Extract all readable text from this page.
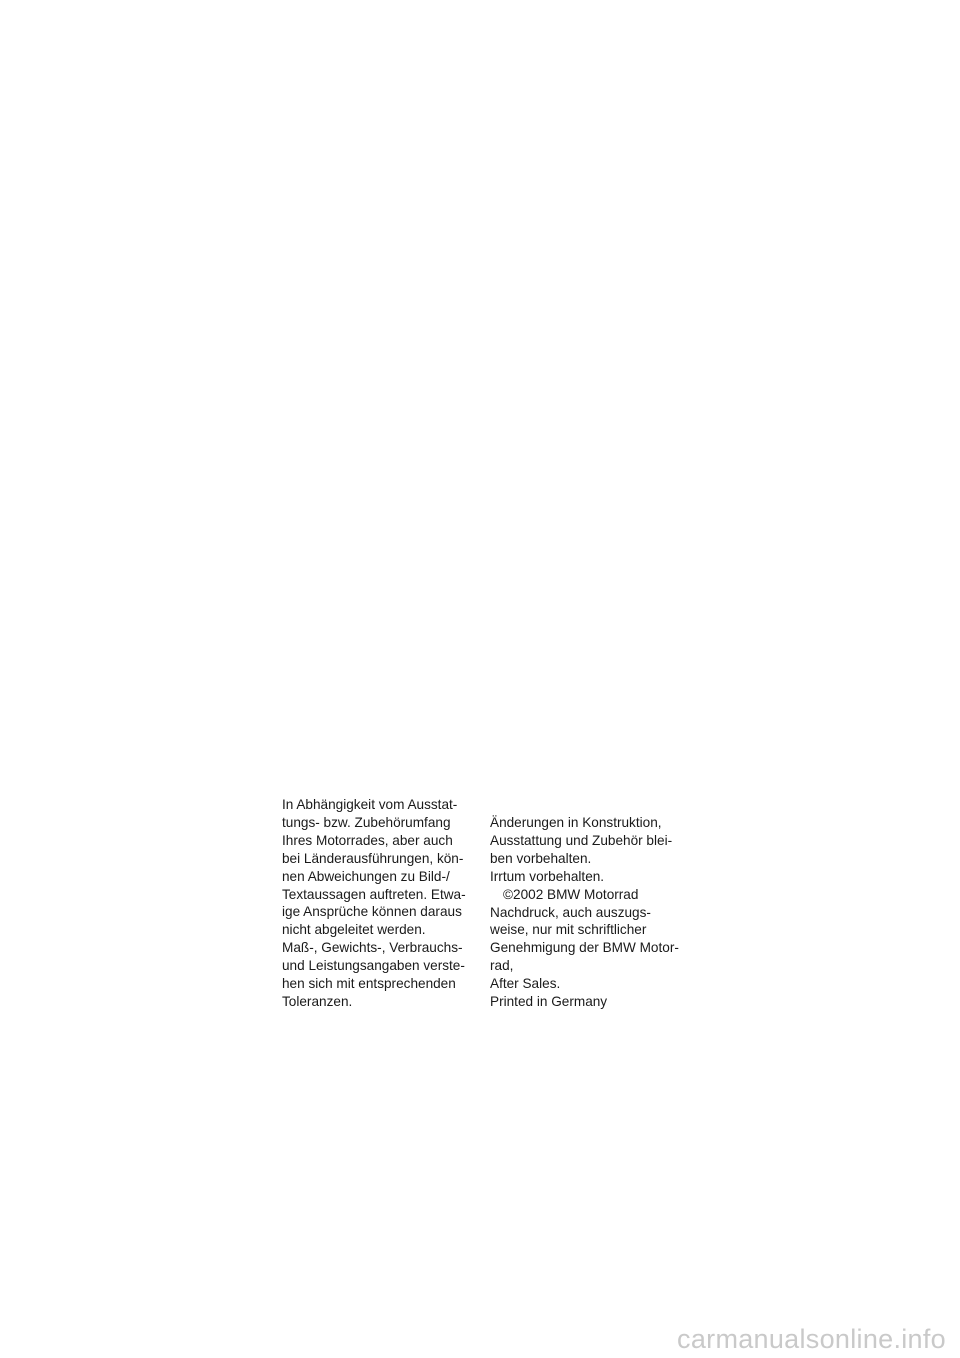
In Abhängigkeit vom Ausstat-
tungs- bzw. Zubehörumfang
Ihres Motorrades, aber auch
bei Länderausführungen, kön-
nen Abweichungen zu Bild-/
Textaussagen auftreten. Etwa-
ige Ansprüche können daraus
nicht abgeleitet werden.
Maß-, Gewichts-, Verbrauchs-
und Leistungsangaben verste-
hen sich mit entsprechenden
Toleranzen.
Änderungen in Konstruktion,
Ausstattung und Zubehör blei-
ben vorbehalten.
Irrtum vorbehalten.
©2002 BMW Motorrad
Nachdruck, auch auszugs-
weise, nur mit schriftlicher
Genehmigung der BMW Motor-
rad,
After Sales.
Printed in Germany
carmanualsonline.info
